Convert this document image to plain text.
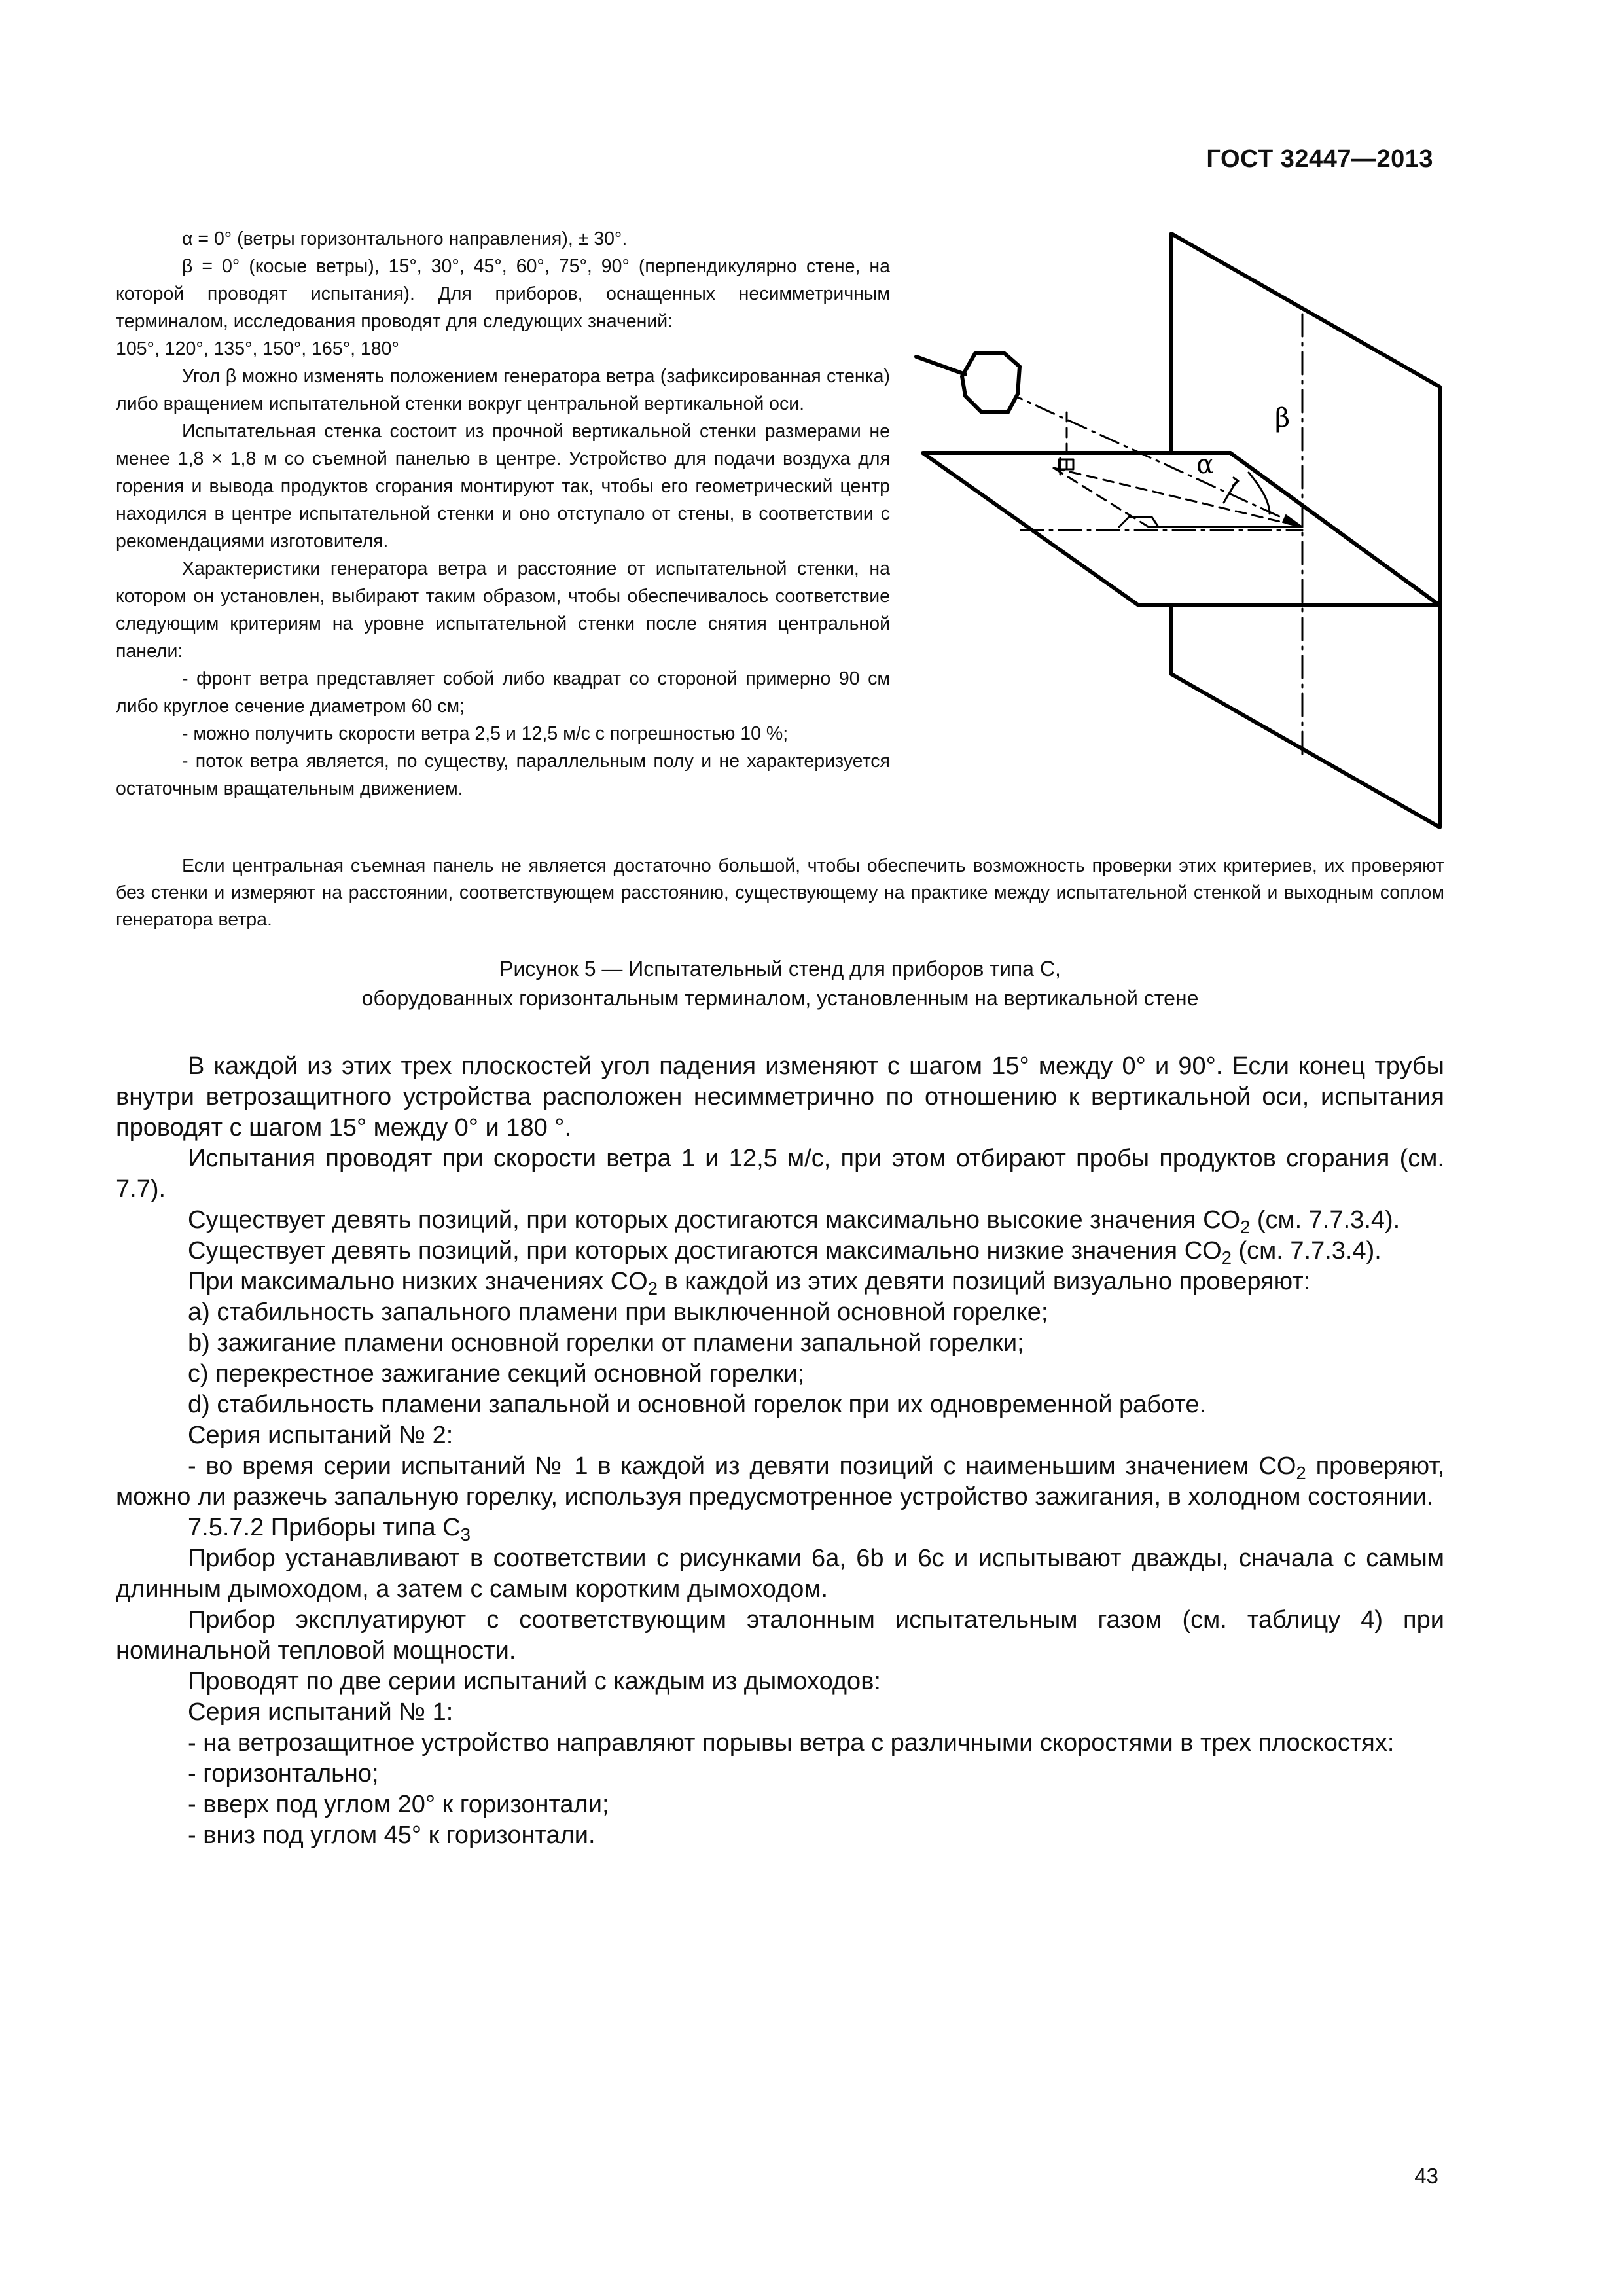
ГОСТ 32447—2013

α = 0° (ветры горизонтального направления), ± 30°.

β = 0° (косые ветры), 15°, 30°, 45°, 60°, 75°, 90° (перпендикулярно стене, на которой проводят испытания). Для приборов, оснащенных несимметричным терминалом, исследования проводят для следующих значений:

105°, 120°, 135°, 150°, 165°, 180°

Угол β можно изменять положением генератора ветра (зафиксированная стенка) либо вращением испытательной стенки вокруг центральной вертикальной оси.

Испытательная стенка состоит из прочной вертикальной стенки размерами не менее 1,8 × 1,8 м со съемной панелью в центре. Устройство для подачи воздуха для горения и вывода продуктов сгорания монтируют так, чтобы его геометрический центр находился в центре испытательной стенки и оно отступало от стены, в соответствии с рекомендациями изготовителя.

Характеристики генератора ветра и расстояние от испытательной стенки, на котором он установлен, выбирают таким образом, чтобы обеспечивалось соответствие следующим критериям на уровне испытательной стенки после снятия центральной панели:

- фронт ветра представляет собой либо квадрат со стороной примерно 90 см либо круглое сечение диаметром 60 см;

- можно получить скорости ветра 2,5 и 12,5 м/с с погрешностью 10 %;

- поток ветра является, по существу, параллельным полу и не характеризуется остаточным вращательным движением.

Если центральная съемная панель не является достаточно большой, чтобы обеспечить возможность проверки этих критериев, их проверяют без стенки и измеряют на расстоянии, соответствующем расстоянию, существующему на практике между испытательной стенкой и выходным соплом генератора ветра.

α
β
Рисунок 5 — Испытательный стенд для приборов типа С,
оборудованных горизонтальным терминалом, установленным на вертикальной стене

В каждой из этих трех плоскостей угол падения изменяют с шагом 15° между 0° и 90°. Если конец трубы внутри ветрозащитного устройства расположен несимметрично по отношению к вертикальной оси, испытания проводят с шагом 15° между 0° и 180 °.

Испытания проводят при скорости ветра 1 и 12,5 м/с, при этом отбирают пробы продуктов сгорания (см. 7.7).

Существует девять позиций, при которых достигаются максимально высокие значения $CO_2$ (см. 7.7.3.4).

Существует девять позиций, при которых достигаются максимально низкие значения $CO_2$ (см. 7.7.3.4).

При максимально низких значениях $CO_2$ в каждой из этих девяти позиций визуально проверяют:

a) стабильность запального пламени при выключенной основной горелке;

b) зажигание пламени основной горелки от пламени запальной горелки;

c) перекрестное зажигание секций основной горелки;

d) стабильность пламени запальной и основной горелок при их одновременной работе.

Серия испытаний № 2:

- во время серии испытаний № 1 в каждой из девяти позиций с наименьшим значением $CO_2$ проверяют, можно ли разжечь запальную горелку, используя предусмотренное устройство зажигания, в холодном состоянии.

7.5.7.2 Приборы типа $С_3$

Прибор устанавливают в соответствии с рисунками 6a, 6b и 6c и испытывают дважды, сначала с самым длинным дымоходом, а затем с самым коротким дымоходом.

Прибор эксплуатируют с соответствующим эталонным испытательным газом (см. таблицу 4) при номинальной тепловой мощности.

Проводят по две серии испытаний с каждым из дымоходов:

Серия испытаний № 1:

- на ветрозащитное устройство направляют порывы ветра с различными скоростями в трех плоскостях:

- горизонтально;

- вверх под углом 20° к горизонтали;

- вниз под углом 45° к горизонтали.

43
